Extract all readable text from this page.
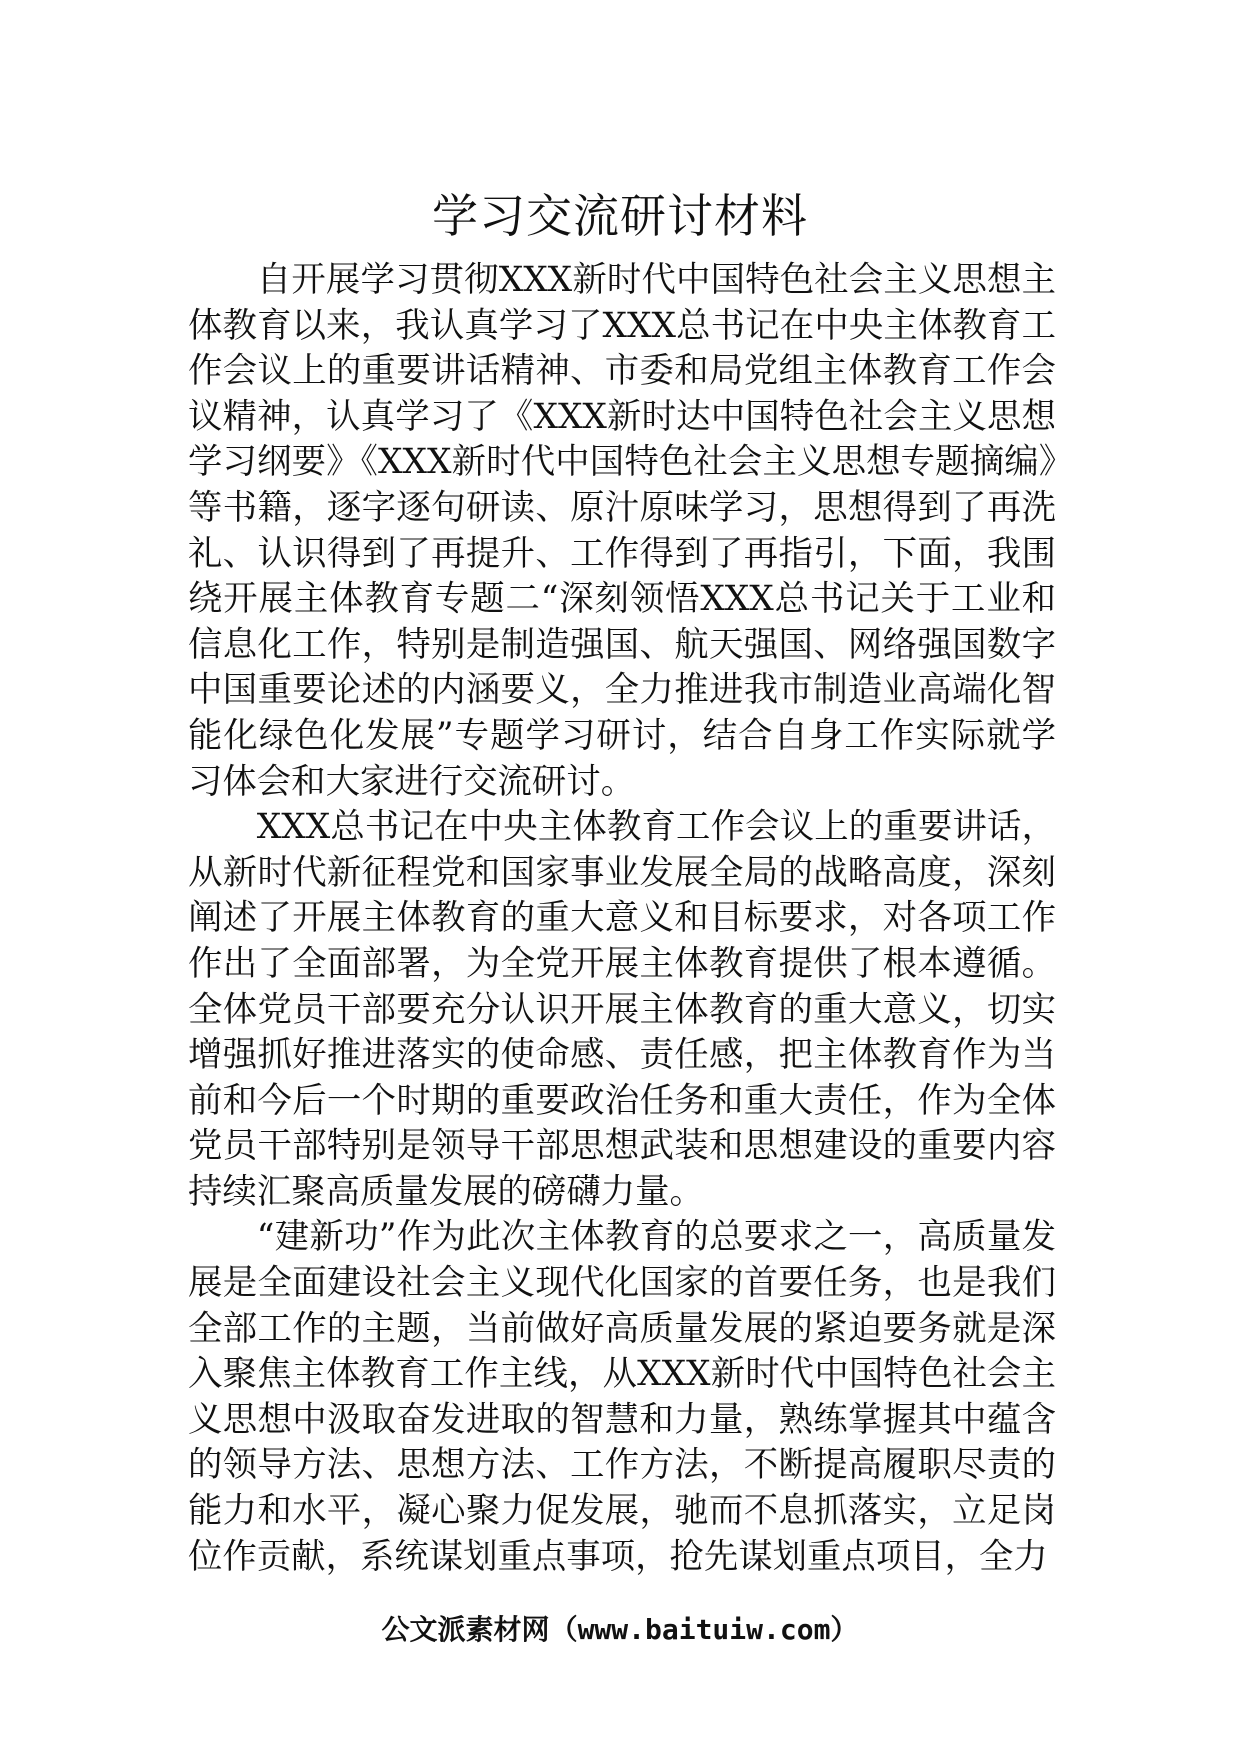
学习交流研讨材料

自开展学习贯彻XXX新时代中国特色社会主义思想主体教育以来，我认真学习了XXX总书记在中央主体教育工作会议上的重要讲话精神、市委和局党组主体教育工作会议精神，认真学习了《XXX新时达中国特色社会主义思想学习纲要》《XXX新时代中国特色社会主义思想专题摘编》等书籍，逐字逐句研读、原汁原味学习，思想得到了再洗礼、认识得到了再提升、工作得到了再指引，下面，我围绕开展主体教育专题二“深刻领悟XXX总书记关于工业和信息化工作，特别是制造强国、航天强国、网络强国数字中国重要论述的内涵要义，全力推进我市制造业高端化智能化绿色化发展”专题学习研讨，结合自身工作实际就学习体会和大家进行交流研讨。

XXX总书记在中央主体教育工作会议上的重要讲话，从新时代新征程党和国家事业发展全局的战略高度，深刻阐述了开展主体教育的重大意义和目标要求，对各项工作作出了全面部署，为全党开展主体教育提供了根本遵循。全体党员干部要充分认识开展主体教育的重大意义，切实增强抓好推进落实的使命感、责任感，把主体教育作为当前和今后一个时期的重要政治任务和重大责任，作为全体党员干部特别是领导干部思想武装和思想建设的重要内容持续汇聚高质量发展的磅礴力量。

“建新功”作为此次主体教育的总要求之一，高质量发展是全面建设社会主义现代化国家的首要任务，也是我们全部工作的主题，当前做好高质量发展的紧迫要务就是深入聚焦主体教育工作主线，从XXX新时代中国特色社会主义思想中汲取奋发进取的智慧和力量，熟练掌握其中蕴含的领导方法、思想方法、工作方法，不断提高履职尽责的能力和水平，凝心聚力促发展，驰而不息抓落实，立足岗位作贡献，系统谋划重点事项，抢先谋划重点项目，全力

公文派素材网（www.baituiw.com）
